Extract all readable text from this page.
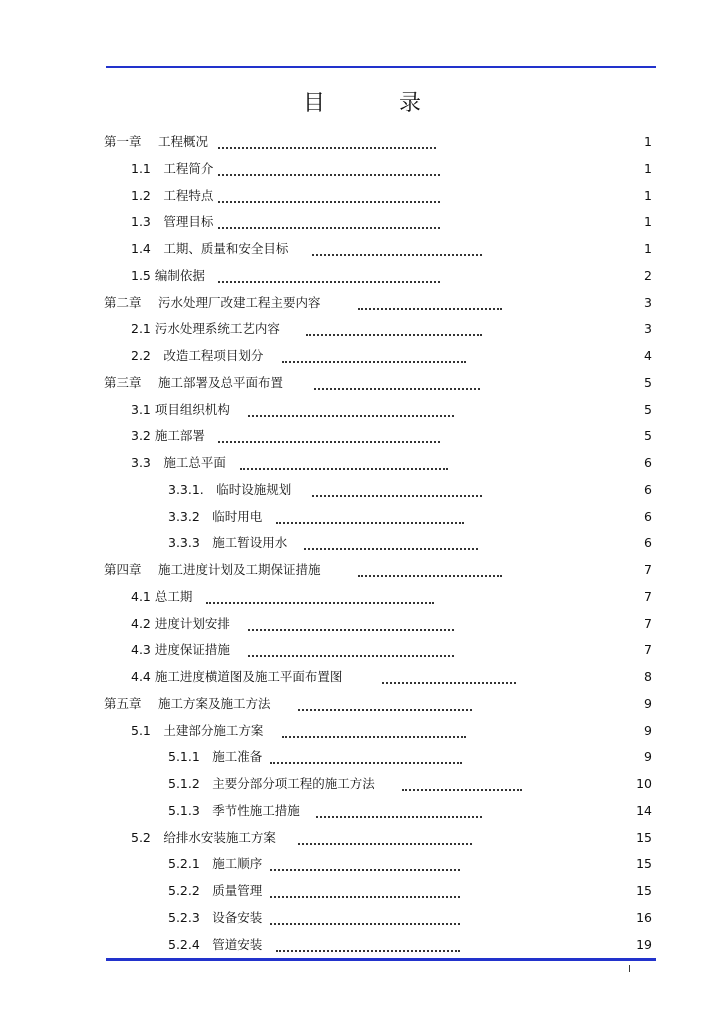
目　录
第一章　 工程概况	1
1.1　工程简介	1
1.2　工程特点	1
1.3　管理目标	1
1.4　工期、质量和安全目标	1
1.5 编制依据	2
第二章　 污水处理厂改建工程主要内容	3
2.1 污水处理系统工艺内容	3
2.2　改造工程项目划分	4
第三章　 施工部署及总平面布置	5
3.1 项目组织机构	5
3.2 施工部署	5
3.3　施工总平面	6
3.3.1.　临时设施规划	6
3.3.2　临时用电	6
3.3.3　施工暂设用水	6
第四章　 施工进度计划及工期保证措施	7
4.1 总工期	7
4.2 进度计划安排	7
4.3 进度保证措施	7
4.4 施工进度横道图及施工平面布置图	8
第五章　 施工方案及施工方法	9
5.1　土建部分施工方案	9
5.1.1　施工准备	9
5.1.2　主要分部分项工程的施工方法	10
5.1.3　季节性施工措施	14
5.2　给排水安装施工方案	15
5.2.1　施工顺序	15
5.2.2　质量管理	15
5.2.3　设备安装	16
5.2.4　管道安装	19
I
